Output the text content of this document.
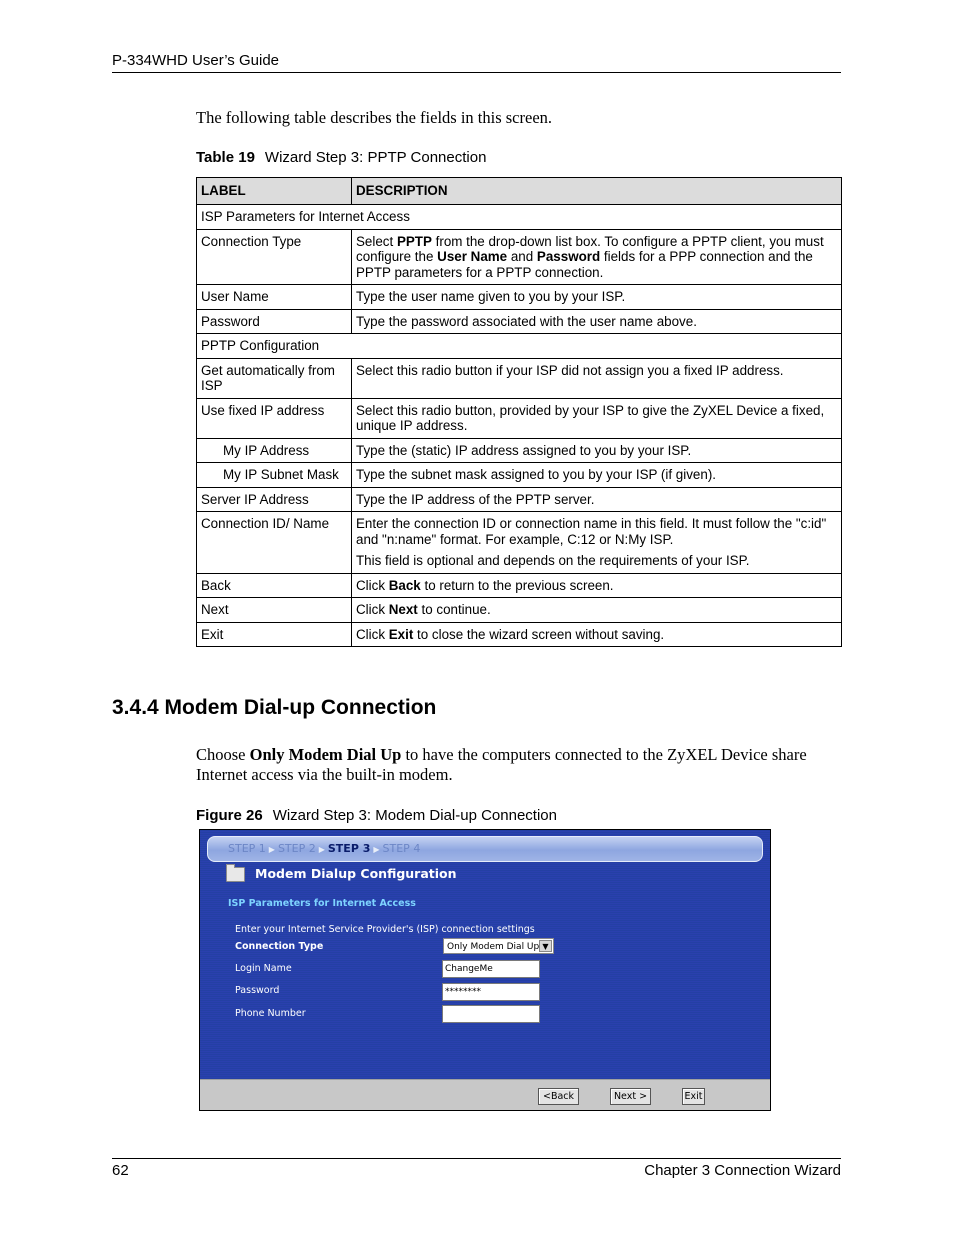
P-334WHD User’s Guide
The following table describes the fields in this screen.
Table 19 Wizard Step 3: PPTP Connection
LABEL	DESCRIPTION
ISP Parameters for Internet Access	
Connection Type	Select PPTP from the drop-down list box. To configure a PPTP client, you must configure the User Name and Password fields for a PPP connection and the PPTP parameters for a PPTP connection.
User Name	Type the user name given to you by your ISP.
Password	Type the password associated with the user name above.
PPTP Configuration	
Get automatically from ISP	Select this radio button if your ISP did not assign you a fixed IP address.
Use fixed IP address	Select this radio button, provided by your ISP to give the ZyXEL Device a fixed, unique IP address.
My IP Address	Type the (static) IP address assigned to you by your ISP.
My IP Subnet Mask	Type the subnet mask assigned to you by your ISP (if given).
Server IP Address	Type the IP address of the PPTP server.
Connection ID/ Name	Enter the connection ID or connection name in this field. It must follow the "c:id" and "n:name" format. For example, C:12 or N:My ISP.

This field is optional and depends on the requirements of your ISP.

Back	Click Back to return to the previous screen.
Next	Click Next to continue.
Exit	Click Exit to close the wizard screen without saving.
3.4.4 Modem Dial-up Connection

Choose Only Modem Dial Up to have the computers connected to the ZyXEL Device share Internet access via the built-in modem.

Figure 26 Wizard Step 3: Modem Dial-up Connection
STEP 1 ▶ STEP 2 ▶ STEP 3 ▶ STEP 4
Modem Dialup Configuration
ISP Parameters for Internet Access
Enter your Internet Service Provider's (ISP) connection settings
Connection Type	Only Modem Dial Up ▼
Login Name	ChangeMe
Password	********
Phone Number
<Back	Next >	Exit
62	Chapter 3 Connection Wizard
